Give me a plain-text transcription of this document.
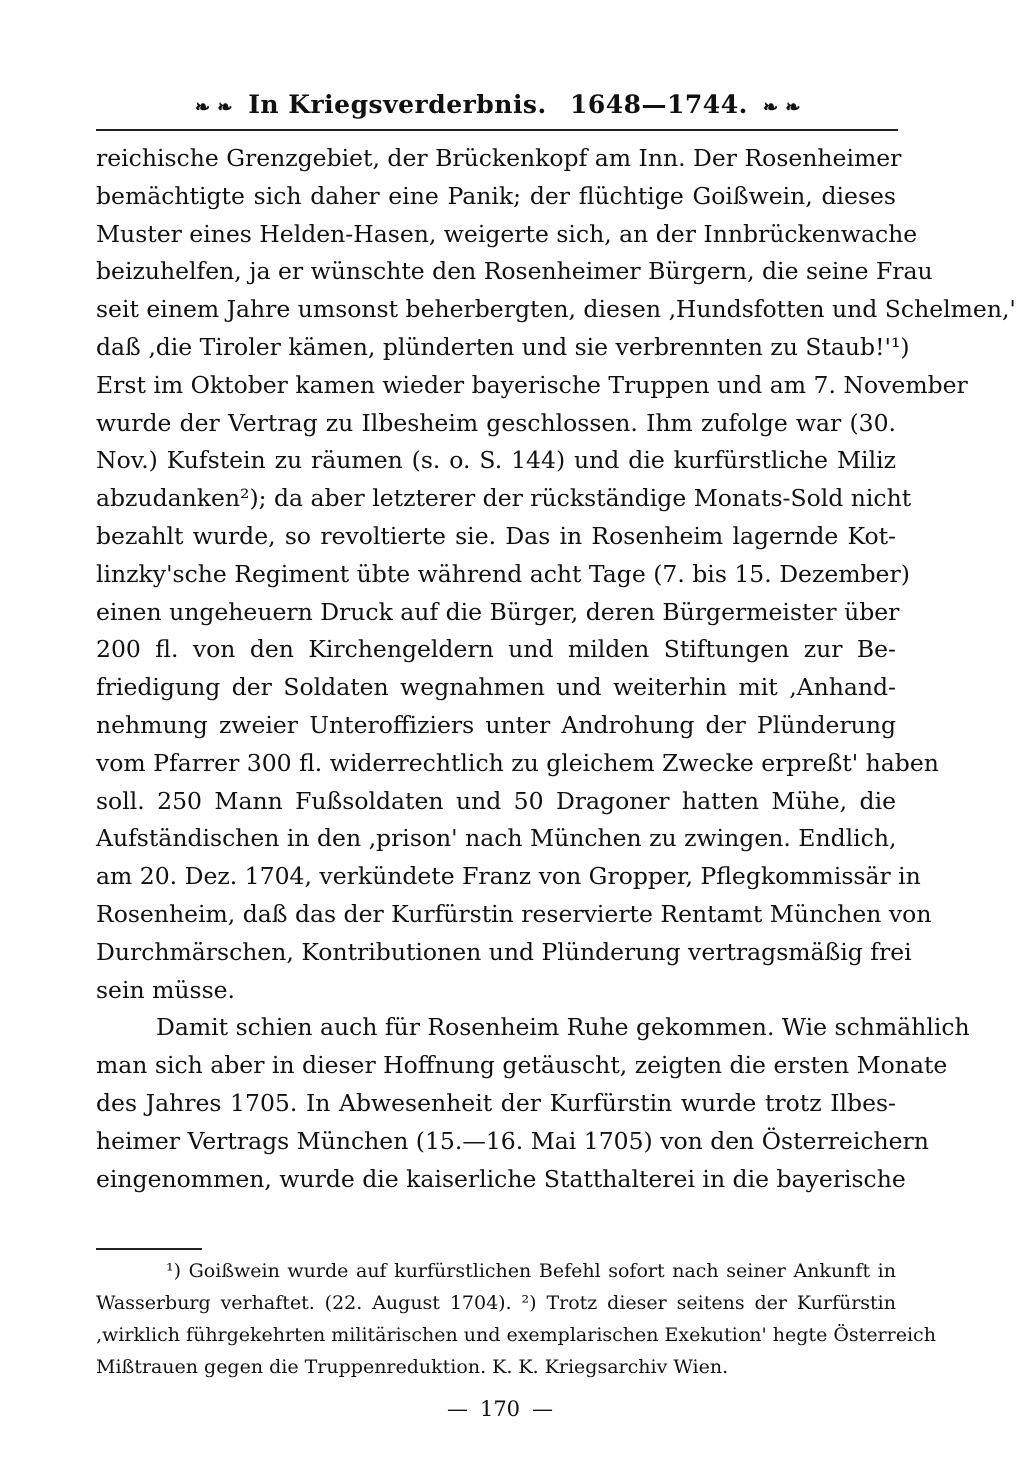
❧ ❧ In Kriegsverderbnis. 1648—1744. ❧ ❧
reichische Grenzgebiet, der Brückenkopf am Inn. Der Rosenheimer
bemächtigte sich daher eine Panik; der flüchtige Goißwein, dieses
Muster eines Helden-Hasen, weigerte sich, an der Innbrückenwache
beizuhelfen, ja er wünschte den Rosenheimer Bürgern, die seine Frau
seit einem Jahre umsonst beherbergten, diesen ‚Hundsfotten und Schelmen,'
daß ‚die Tiroler kämen, plünderten und sie verbrennten zu Staub!'¹)
Erst im Oktober kamen wieder bayerische Truppen und am 7. November
wurde der Vertrag zu Ilbesheim geschlossen. Ihm zufolge war (30.
Nov.) Kufstein zu räumen (s. o. S. 144) und die kurfürstliche Miliz
abzudanken²); da aber letzterer der rückständige Monats-Sold nicht
bezahlt wurde, so revoltierte sie. Das in Rosenheim lagernde Kot-
linzky'sche Regiment übte während acht Tage (7. bis 15. Dezember)
einen ungeheuern Druck auf die Bürger, deren Bürgermeister über
200 fl. von den Kirchengeldern und milden Stiftungen zur Be-
friedigung der Soldaten wegnahmen und weiterhin mit ‚Anhand-
nehmung zweier Unteroffiziers unter Androhung der Plünderung
vom Pfarrer 300 fl. widerrechtlich zu gleichem Zwecke erpreßt' haben
soll. 250 Mann Fußsoldaten und 50 Dragoner hatten Mühe, die
Aufständischen in den ‚prison' nach München zu zwingen. Endlich,
am 20. Dez. 1704, verkündete Franz von Gropper, Pflegkommissär in
Rosenheim, daß das der Kurfürstin reservierte Rentamt München von
Durchmärschen, Kontributionen und Plünderung vertragsmäßig frei
sein müsse.
Damit schien auch für Rosenheim Ruhe gekommen. Wie schmählich
man sich aber in dieser Hoffnung getäuscht, zeigten die ersten Monate
des Jahres 1705. In Abwesenheit der Kurfürstin wurde trotz Ilbes-
heimer Vertrags München (15.—16. Mai 1705) von den Österreichern
eingenommen, wurde die kaiserliche Statthalterei in die bayerische
¹) Goißwein wurde auf kurfürstlichen Befehl sofort nach seiner Ankunft in
Wasserburg verhaftet. (22. August 1704). ²) Trotz dieser seitens der Kurfürstin
‚wirklich führgekehrten militärischen und exemplarischen Exekution' hegte Österreich
Mißtrauen gegen die Truppenreduktion. K. K. Kriegsarchiv Wien.
— 170 —
